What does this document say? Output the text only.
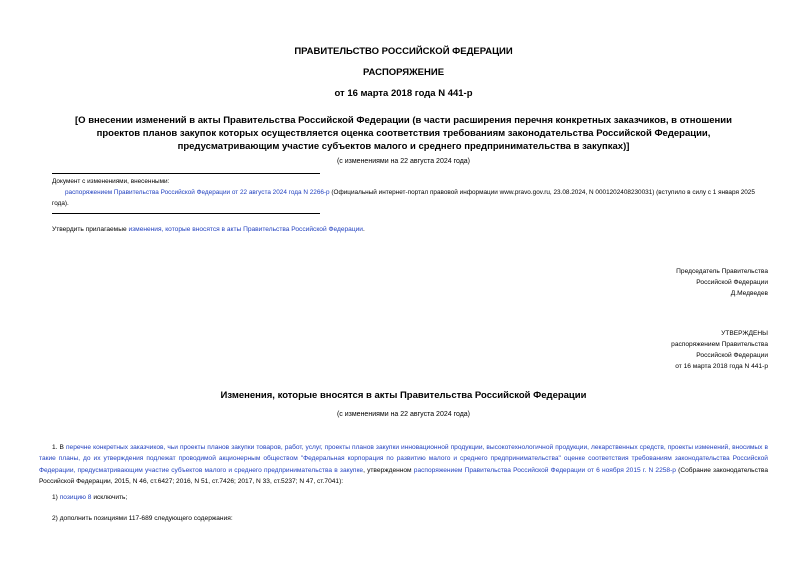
ПРАВИТЕЛЬСТВО РОССИЙСКОЙ ФЕДЕРАЦИИ
РАСПОРЯЖЕНИЕ
от 16 марта 2018 года N 441-р
[О внесении изменений в акты Правительства Российской Федерации (в части расширения перечня конкретных заказчиков, в отношении проектов планов закупок которых осуществляется оценка соответствия требованиям законодательства Российской Федерации, предусматривающим участие субъектов малого и среднего предпринимательства в закупках)]
(с изменениями на 22 августа 2024 года)
Документ с изменениями, внесенными:
распоряжением Правительства Российской Федерации от 22 августа 2024 года N 2266-р (Официальный интернет-портал правовой информации www.pravo.gov.ru, 23.08.2024, N 0001202408230031) (вступило в силу с 1 января 2025 года).
Утвердить прилагаемые изменения, которые вносятся в акты Правительства Российской Федерации.
Председатель Правительства
Российской Федерации
Д.Медведев
УТВЕРЖДЕНЫ
распоряжением Правительства
Российской Федерации
от 16 марта 2018 года N 441-р
Изменения, которые вносятся в акты Правительства Российской Федерации
(с изменениями на 22 августа 2024 года)
1. В перечне конкретных заказчиков, чьи проекты планов закупки товаров, работ, услуг, проекты планов закупки инновационной продукции, высокотехнологичной продукции, лекарственных средств, проекты изменений, вносимых в такие планы, до их утверждения подлежат проводимой акционерным обществом "Федеральная корпорация по развитию малого и среднего предпринимательства" оценке соответствия требованиям законодательства Российской Федерации, предусматривающим участие субъектов малого и среднего предпринимательства в закупке, утвержденном распоряжением Правительства Российской Федерации от 6 ноября 2015 г. N 2258-р (Собрание законодательства Российской Федерации, 2015, N 46, ст.6427; 2016, N 51, ст.7426; 2017, N 33, ст.5237; N 47, ст.7041):
1) позицию 8 исключить;
2) дополнить позициями 117-689 следующего содержания:
